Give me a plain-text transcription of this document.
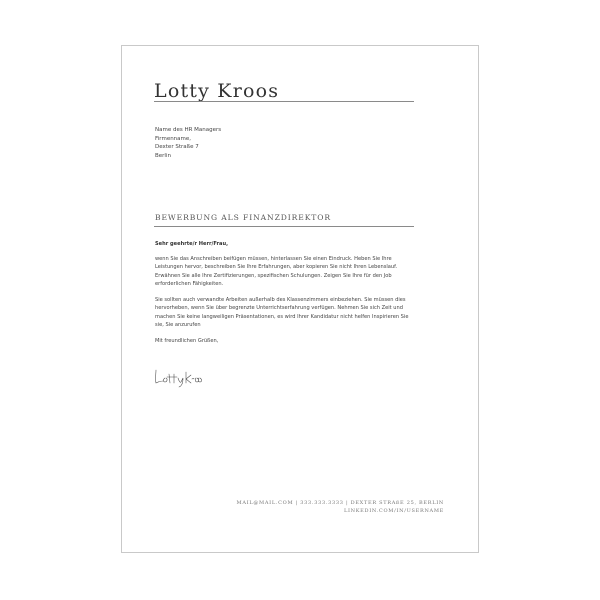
Lotty Kroos
Name des HR Managers
Firmenname,
Dexter Straße 7
Berlin
BEWERBUNG ALS FINANZDIREKTOR

Sehr geehrte/r Herr/Frau,

wenn Sie das Anschreiben beifügen müssen, hinterlassen Sie einen Eindruck. Heben Sie Ihre Leistungen hervor, beschreiben Sie Ihre Erfahrungen, aber kopieren Sie nicht Ihren Lebenslauf. Erwähnen Sie alle Ihre Zertifizierungen, spezifischen Schulungen. Zeigen Sie Ihre für den Job erforderlichen Fähigkeiten.

Sie sollten auch verwandte Arbeiten außerhalb des Klassenzimmers einbeziehen. Sie müssen dies hervorheben, wenn Sie über begrenzte Unterrichtserfahrung verfügen. Nehmen Sie sich Zeit und machen Sie keine langweiligen Präsentationen, es wird Ihrer Kandidatur nicht helfen Inspirieren Sie sie, Sie anzurufen

Mit freundlichen Grüßen,

MAIL@MAIL.COM | 333.333.3333 | DEXTER STRAßE 25, BERLIN
LINKEDIN.COM/IN/USERNAME
